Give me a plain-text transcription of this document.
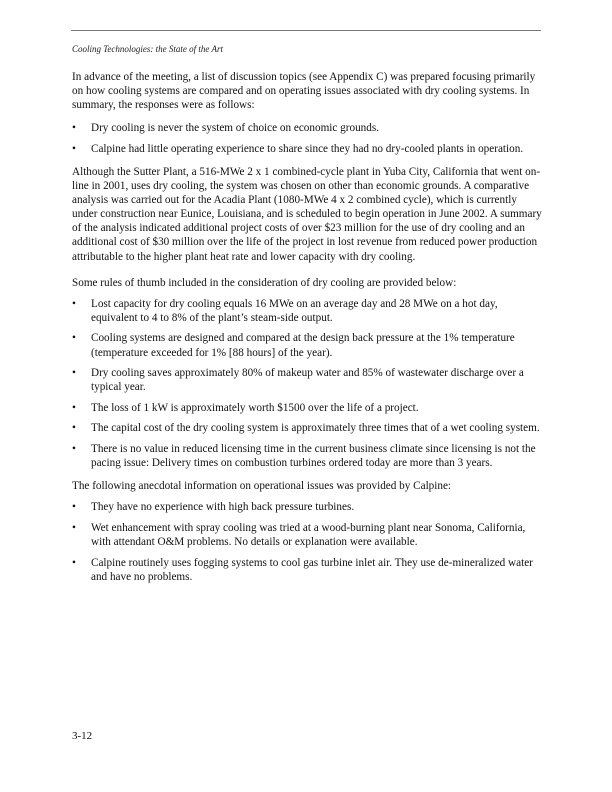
Cooling Technologies: the State of the Art

In advance of the meeting, a list of discussion topics (see Appendix C) was prepared focusing primarily on how cooling systems are compared and on operating issues associated with dry cooling systems. In summary, the responses were as follows:

• Dry cooling is never the system of choice on economic grounds.
• Calpine had little operating experience to share since they had no dry-cooled plants in operation.

Although the Sutter Plant, a 516-MWe 2 x 1 combined-cycle plant in Yuba City, California that went on-line in 2001, uses dry cooling, the system was chosen on other than economic grounds. A comparative analysis was carried out for the Acadia Plant (1080-MWe 4 x 2 combined cycle), which is currently under construction near Eunice, Louisiana, and is scheduled to begin operation in June 2002. A summary of the analysis indicated additional project costs of over $23 million for the use of dry cooling and an additional cost of $30 million over the life of the project in lost revenue from reduced power production attributable to the higher plant heat rate and lower capacity with dry cooling.

Some rules of thumb included in the consideration of dry cooling are provided below:

• Lost capacity for dry cooling equals 16 MWe on an average day and 28 MWe on a hot day, equivalent to 4 to 8% of the plant’s steam-side output.
• Cooling systems are designed and compared at the design back pressure at the 1% temperature (temperature exceeded for 1% [88 hours] of the year).
• Dry cooling saves approximately 80% of makeup water and 85% of wastewater discharge over a typical year.
• The loss of 1 kW is approximately worth $1500 over the life of a project.
• The capital cost of the dry cooling system is approximately three times that of a wet cooling system.
• There is no value in reduced licensing time in the current business climate since licensing is not the pacing issue: Delivery times on combustion turbines ordered today are more than 3 years.

The following anecdotal information on operational issues was provided by Calpine:

• They have no experience with high back pressure turbines.
• Wet enhancement with spray cooling was tried at a wood-burning plant near Sonoma, California, with attendant O&M problems. No details or explanation were available.
• Calpine routinely uses fogging systems to cool gas turbine inlet air. They use de-mineralized water and have no problems.
3-12
